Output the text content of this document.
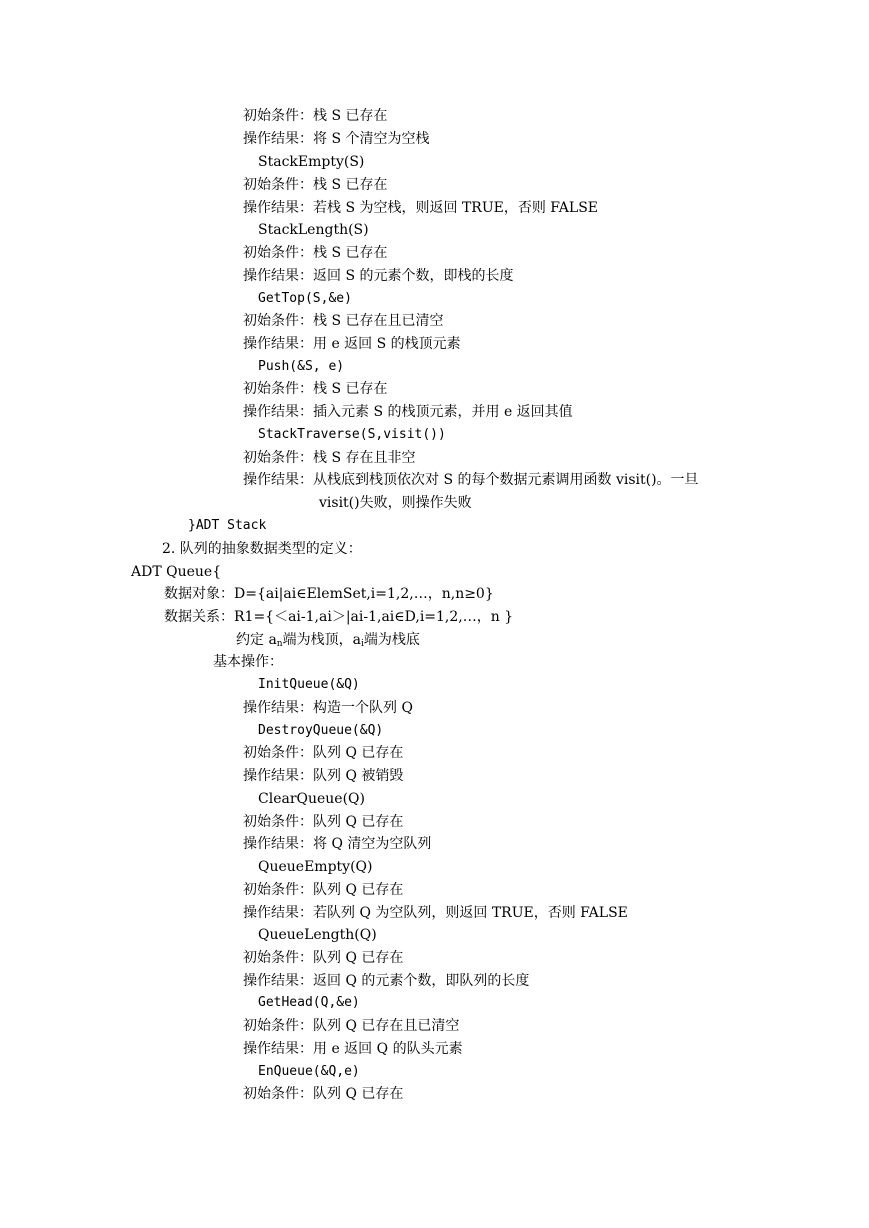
初始条件：栈 S 已存在
操作结果：将 S 个清空为空栈
StackEmpty(S)
初始条件：栈 S 已存在
操作结果：若栈 S 为空栈，则返回 TRUE，否则 FALSE
StackLength(S)
初始条件：栈 S 已存在
操作结果：返回 S 的元素个数，即栈的长度
GetTop(S,&e)
初始条件：栈 S 已存在且已清空
操作结果：用 e 返回 S 的栈顶元素
Push(&S, e)
初始条件：栈 S 已存在
操作结果：插入元素 S 的栈顶元素，并用 e 返回其值
StackTraverse(S,visit())
初始条件：栈 S 存在且非空
操作结果：从栈底到栈顶依次对 S 的每个数据元素调用函数 visit()。一旦
visit()失败，则操作失败
}ADT Stack
2. 队列的抽象数据类型的定义：
ADT Queue{
数据对象：D={ai|ai∈ElemSet,i=1,2,…，n,n≥0}
数据关系：R1={＜ai-1,ai＞|ai-1,ai∈D,i=1,2,…，n }
约定 $a_n$端为栈顶，$a_i$端为栈底
基本操作：
InitQueue(&Q)
操作结果：构造一个队列 Q
DestroyQueue(&Q)
初始条件：队列 Q 已存在
操作结果：队列 Q 被销毁
ClearQueue(Q)
初始条件：队列 Q 已存在
操作结果：将 Q 清空为空队列
QueueEmpty(Q)
初始条件：队列 Q 已存在
操作结果：若队列 Q 为空队列，则返回 TRUE，否则 FALSE
QueueLength(Q)
初始条件：队列 Q 已存在
操作结果：返回 Q 的元素个数，即队列的长度
GetHead(Q,&e)
初始条件：队列 Q 已存在且已清空
操作结果：用 e 返回 Q 的队头元素
EnQueue(&Q,e)
初始条件：队列 Q 已存在
